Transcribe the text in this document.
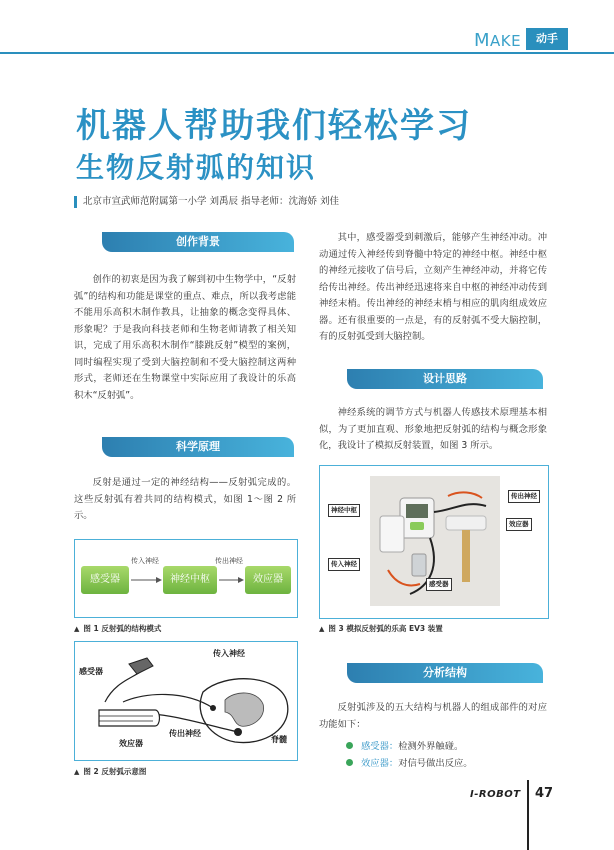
MAKE	动手
机器人帮助我们轻松学习
生物反射弧的知识
北京市宣武师范附属第一小学 刘禹辰 指导老师：沈海娇 刘佳
创作背景

创作的初衷是因为我了解到初中生物学中，“反射弧”的结构和功能是课堂的重点、难点，所以我考虑能不能用乐高积木制作教具，让抽象的概念变得具体、形象呢？于是我向科技老师和生物老师请教了相关知识，完成了用乐高积木制作“膝跳反射”模型的案例，同时编程实现了受到大脑控制和不受大脑控制这两种形式，老师还在生物课堂中实际应用了我设计的乐高积木“反射弧”。

科学原理

反射是通过一定的神经结构——反射弧完成的。这些反射弧有着共同的结构模式，如图 1～图 2 所示。

感受器	神经中枢	效应器
传入神经	传出神经
▲ 图 1 反射弧的结构模式
感受器
传入神经
传出神经
效应器	脊髓
▲ 图 2 反射弧示意图

其中，感受器受到刺激后，能够产生神经冲动。冲动通过传入神经传到脊髓中特定的神经中枢。神经中枢的神经元接收了信号后，立刻产生神经冲动，并将它传给传出神经。传出神经迅速将来自中枢的神经冲动传到神经末梢。传出神经的神经末梢与相应的肌肉组成效应器。还有很重要的一点是，有的反射弧不受大脑控制，有的反射弧受到大脑控制。

设计思路

神经系统的调节方式与机器人传感技术原理基本相似，为了更加直观、形象地把反射弧的结构与概念形象化，我设计了模拟反射装置，如图 3 所示。

神经中枢
传入神经
感受器
传出神经
效应器
▲ 图 3 模拟反射弧的乐高 EV3 装置
分析结构

反射弧涉及的五大结构与机器人的组成部件的对应功能如下：

感受器：检测外界触碰。
效应器：对信号做出反应。
I-ROBOT 47
